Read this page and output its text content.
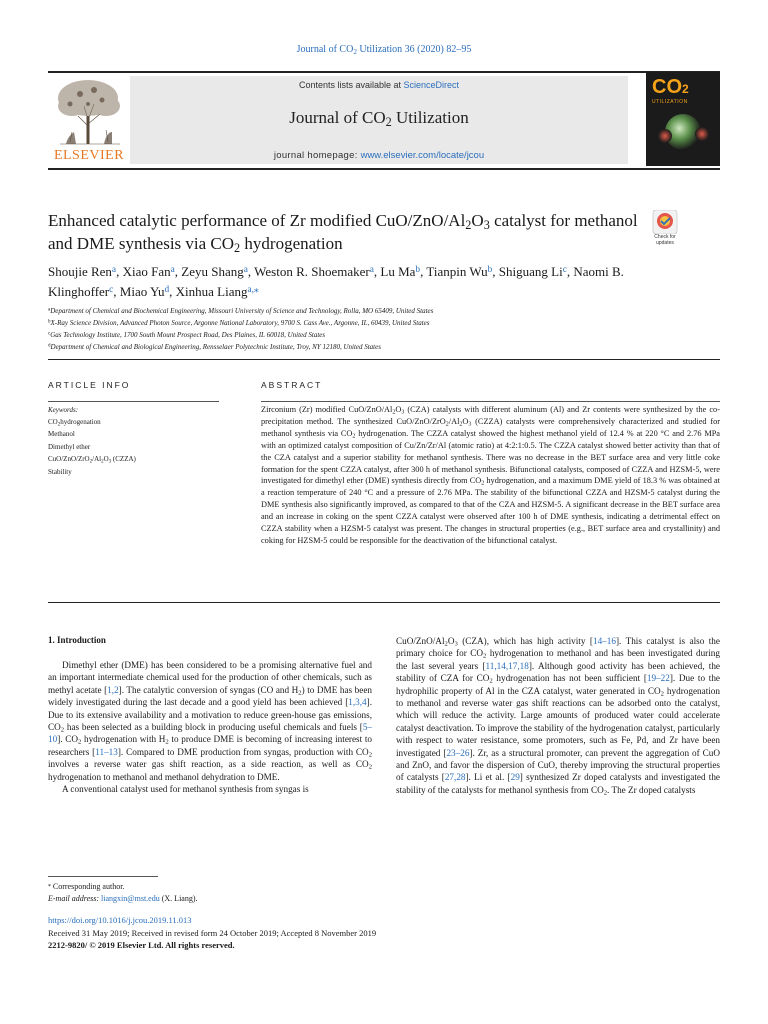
Journal of $CO_2$ Utilization 36 (2020) 82–95
ELSEVIER
Contents lists available at ScienceDirect
Journal of $CO_2$ Utilization
journal homepage: www.elsevier.com/locate/jcou
CO2
UTILIZATION
Enhanced catalytic performance of Zr modified CuO/$ZnO/Al_2O_3$ catalyst for methanol and DME synthesis via $CO_2$ hydrogenation	Check for updates
Shoujie Ren$^a$, Xiao Fan$^a$, Zeyu Shang$^a$, Weston R. Shoemaker$^a$, Lu Ma$^b$, Tianpin Wu$^b$, Shiguang Li$^c$, Naomi B. Klinghoffer$^c$, Miao Yu$^d$, Xinhua Liang$^{a,⁎}$
$^a$Department of Chemical and Biochemical Engineering, Missouri University of Science and Technology, Rolla, MO 65409, United States
$^b$X-Ray Science Division, Advanced Photon Source, Argonne National Laboratory, 9700 S. Cass Ave., Argonne, IL, 60439, United States
$^c$Gas Technology Institute, 1700 South Mount Prospect Road, Des Plaines, IL 60018, United States
$^d$Department of Chemical and Biological Engineering, Rensselaer Polytechnic Institute, Troy, NY 12180, United States
ARTICLE INFO	ABSTRACT
Keywords:
$CO_2hydrogenation$
Methanol
Dimethyl ether
CuO/$ZnO/ZrO_2/Al_2O_3$ (CZZA)
Stability
Zirconium (Zr) modified CuO/$ZnO/Al_2O_3$ (CZA) catalysts with different aluminum (Al) and Zr contents were synthesized by the co-precipitation method. The synthesized CuO/$ZnO/ZrO_2/Al_2O_3$ (CZZA) catalysts were comprehensively characterized and studied for methanol synthesis via $CO_2$ hydrogenation. The CZZA catalyst showed the highest methanol yield of 12.4 % at 220 °C and 2.76 MPa with an optimized catalyst composition of Cu/Zn/Zr/Al (atomic ratio) at 4:2:1:0.5. The CZZA catalyst showed better activity than that of the CZA catalyst and a superior stability for methanol synthesis. There was no decrease in the BET surface area and very little coke formation for the spent CZZA catalyst, after 300 h of methanol synthesis. Bifunctional catalysts, composed of CZZA and HZSM-5, were investigated for dimethyl ether (DME) synthesis directly from $CO_2$ hydrogenation, and a maximum DME yield of 18.3 % was obtained at a reaction temperature of 240 °C and a pressure of 2.76 MPa. The stability of the bifunctional CZZA and HZSM-5 catalyst during the DME synthesis also significantly improved, as compared to that of the CZA and HZSM-5. A significant decrease in the BET surface area and an increase in coking on the spent CZZA catalyst were observed after 100 h of DME synthesis, indicating a detrimental effect on CZZA stability when a HZSM-5 catalyst was present. The changes in structural properties (e.g., BET surface area and crystallinity) and coking for HZSM-5 could be responsible for the deactivation of the bifunctional catalyst.
1. Introduction

Dimethyl ether (DME) has been considered to be a promising alternative fuel and an important intermediate chemical used for the production of other chemicals, such as methyl acetate [1,2]. The catalytic conversion of syngas (CO and $H_2$) to DME has been widely investigated during the last decade and a good yield has been achieved [1,3,4]. Due to its extensive availability and a motivation to reduce green-house gas emissions, $CO_2$ has been selected as a building block in producing useful chemicals and fuels [5–10]. $CO_2$ hydrogenation with $H_2$ to produce DME is becoming of increasing interest to researchers [11–13]. Compared to DME production from syngas, production with $CO_2$ involves a reverse water gas shift reaction, as a side reaction, as well as $CO_2$ hydrogenation to methanol and methanol dehydration to DME.

A conventional catalyst used for methanol synthesis from syngas is

CuO/$ZnO/Al_2O_3$ (CZA), which has high activity [14–16]. This catalyst is also the primary choice for $CO_2$ hydrogenation to methanol and has been investigated during the last several years [11,14,17,18]. Although good activity has been achieved, the stability of CZA for $CO_2$ hydrogenation has not been sufficient [19–22]. Due to the hydrophilic property of Al in the CZA catalyst, water generated in $CO_2$ hydrogenation to methanol and reverse water gas shift reactions can be adsorbed onto the catalyst, which will reduce the activity. Large amounts of produced water could accelerate catalyst deactivation. To improve the stability of the hydrogenation catalyst, particularly with respect to water resistance, some promoters, such as Fe, Pd, and Zr have been investigated [23–26]. Zr, as a structural promoter, can prevent the aggregation of CuO and ZnO, and favor the dispersion of CuO, thereby improving the structural properties of catalysts [27,28]. Li et al. [29] synthesized Zr doped catalysts and investigated the stability of the catalysts for methanol synthesis from $CO_2$. The Zr doped catalysts

⁎ Corresponding author.
E-mail address: liangxin@mst.edu (X. Liang).
https://doi.org/10.1016/j.jcou.2019.11.013
Received 31 May 2019; Received in revised form 24 October 2019; Accepted 8 November 2019
2212-9820/ © 2019 Elsevier Ltd. All rights reserved.
